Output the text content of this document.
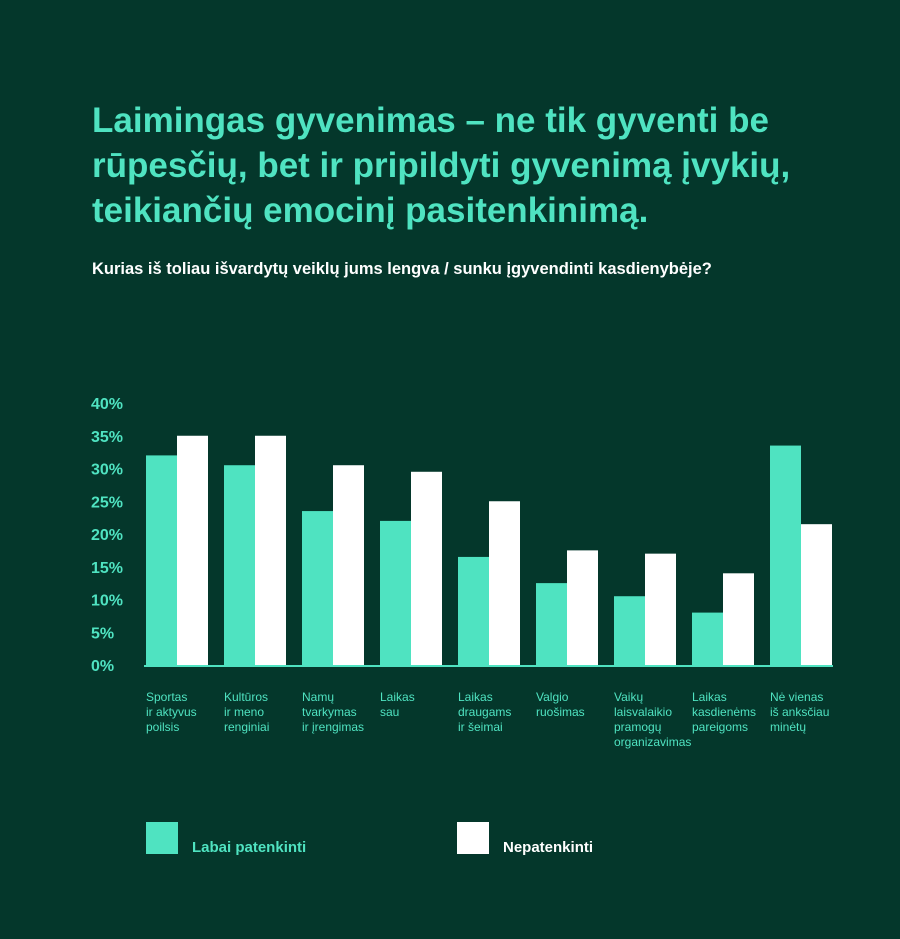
Laimingas gyvenimas – ne tik gyventi be rūpesčių, bet ir pripildyti gyvenimą įvykių, teikiančių emocinį pasitenkinimą.

Kurias iš toliau išvardytų veiklų jums lengva / sunku įgyvendinti kasdienybėje?

0%
5%
10%
15%
20%
25%
30%
35%
40%
Sportas ir aktyvus poilsis
Kultūros ir meno renginiai
Namų tvarkymas ir įrengimas
Laikas sau
Laikas draugams ir šeimai
Valgio ruošimas
Vaikų laisvalaikio pramogų organizavimas
Laikas kasdienėms pareigoms
Nė vienas iš anksčiau minėtų
Labai patenkinti	Nepatenkinti
